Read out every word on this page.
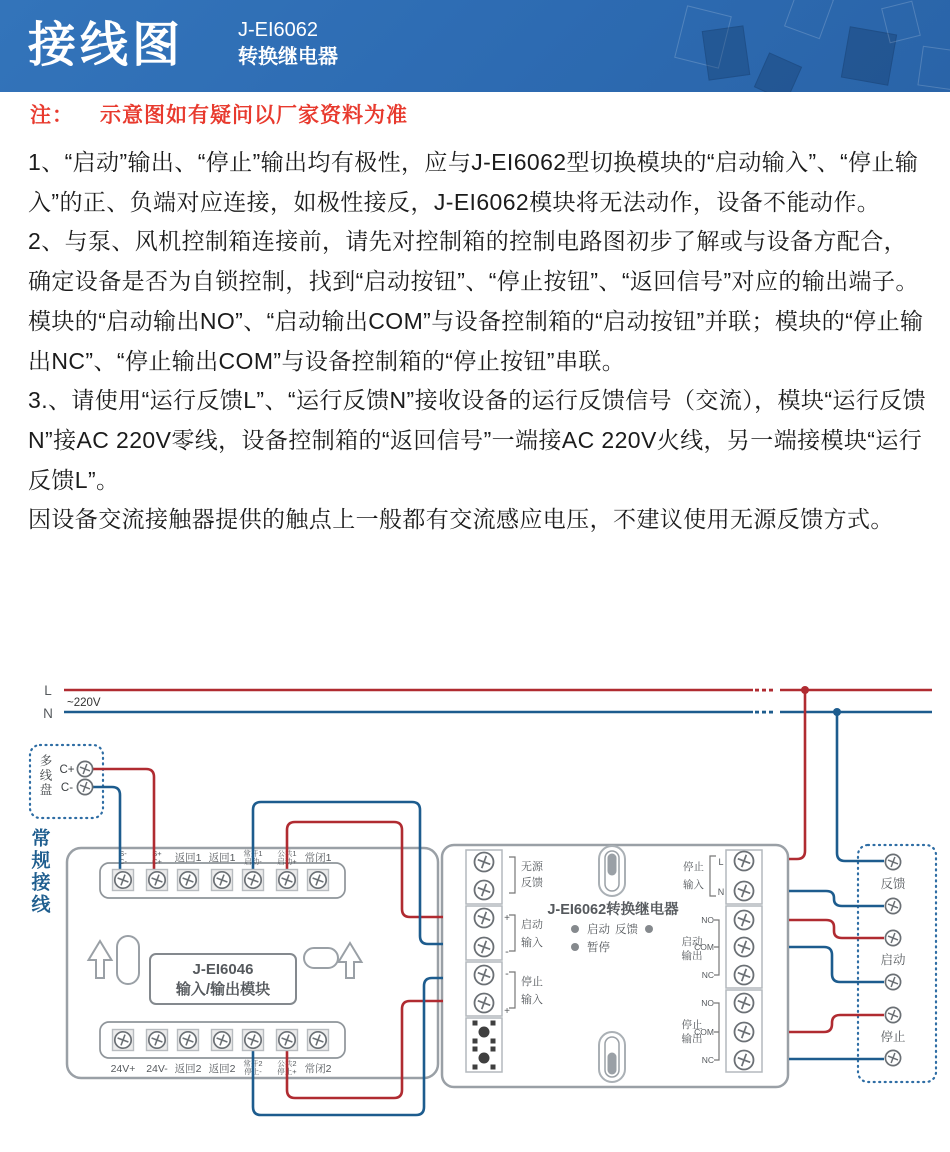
接线图	J-EI6062
转换继电器
注： 示意图如有疑问以厂家资料为准

1、“启动”输出、“停止”输出均有极性，应与J-EI6062型切换模块的“启动输入”、“停止输入”的正、负端对应连接，如极性接反，J-EI6062模块将无法动作，设备不能动作。

2、与泵、风机控制箱连接前，请先对控制箱的控制电路图初步了解或与设备方配合，确定设备是否为自锁控制，找到“启动按钮”、“停止按钮”、“返回信号”对应的输出端子。模块的“启动输出NO”、“启动输出COM”与设备控制箱的“启动按钮”并联；模块的“停止输出NC”、“停止输出COM”与设备控制箱的“停止按钮”串联。

3.、请使用“运行反馈L”、“运行反馈N”接收设备的运行反馈信号（交流），模块“运行反馈N”接AC 220V零线，设备控制箱的“返回信号”一端接AC 220V火线，另一端接模块“运行反馈L”。

因设备交流接触器提供的触点上一般都有交流感应电压，不建议使用无源反馈方式。

L
N
~220V
多线盘 C+
C-
常规接线	S-
C-
S+
C+ 返回1 返回1 常开1
启动-
公共1
启动+ 常闭1
24V+ 24V- 返回2 返回2 常开2
停止-
公共2
停止+ 常闭2
J-EI6046
输入/输出模块
J-EI6062转换继电器
启动 反馈
暂停
无源
反馈
+
启动
输入
-
-
停止
输入
+
停止
输入
L
N
启动
输出
NO
COM
NC
停止
输出
NO
COM
NC
反馈
启动
停止
